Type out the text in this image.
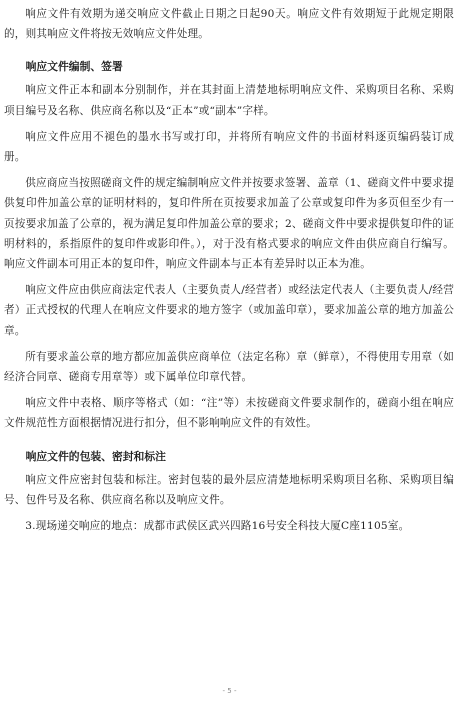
响应文件有效期为递交响应文件截止日期之日起90天。响应文件有效期短于此规定期限的，则其响应文件将按无效响应文件处理。

响应文件编制、签署

响应文件正本和副本分别制作，并在其封面上清楚地标明响应文件、采购项目名称、采购项目编号及名称、供应商名称以及“正本”或“副本”字样。

响应文件应用不褪色的墨水书写或打印，并将所有响应文件的书面材料逐页编码装订成册。

供应商应当按照磋商文件的规定编制响应文件并按要求签署、盖章（1、磋商文件中要求提供复印件加盖公章的证明材料的，复印件所在页按要求加盖了公章或复印件为多页但至少有一页按要求加盖了公章的，视为满足复印件加盖公章的要求；2、磋商文件中要求提供复印件的证明材料的，系指原件的复印件或影印件。），对于没有格式要求的响应文件由供应商自行编写。响应文件副本可用正本的复印件，响应文件副本与正本有差异时以正本为准。

响应文件应由供应商法定代表人（主要负责人/经营者）或经法定代表人（主要负责人/经营者）正式授权的代理人在响应文件要求的地方签字（或加盖印章），要求加盖公章的地方加盖公章。

所有要求盖公章的地方都应加盖供应商单位（法定名称）章（鲜章），不得使用专用章（如经济合同章、磋商专用章等）或下属单位印章代替。

响应文件中表格、顺序等格式（如：“注”等）未按磋商文件要求制作的，磋商小组在响应文件规范性方面根据情况进行扣分，但不影响响应文件的有效性。

响应文件的包装、密封和标注

响应文件应密封包装和标注。密封包装的最外层应清楚地标明采购项目名称、采购项目编号、包件号及名称、供应商名称以及响应文件。

3.现场递交响应的地点：成都市武侯区武兴四路16号安全科技大厦C座1105室。

- 5 -
